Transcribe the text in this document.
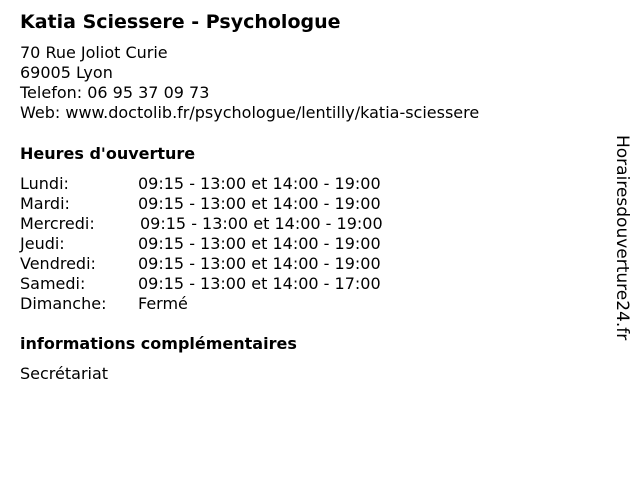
Katia Sciessere - Psychologue
70 Rue Joliot Curie
69005 Lyon
Telefon: 06 95 37 09 73
Web: www.doctolib.fr/psychologue/lentilly/katia-sciessere
Heures d'ouverture
Lundi:	09:15 - 13:00 et 14:00 - 19:00
Mardi:	09:15 - 13:00 et 14:00 - 19:00
Mercredi:	09:15 - 13:00 et 14:00 - 19:00
Jeudi:	09:15 - 13:00 et 14:00 - 19:00
Vendredi:	09:15 - 13:00 et 14:00 - 19:00
Samedi:	09:15 - 13:00 et 14:00 - 17:00
Dimanche: Fermé
informations complémentaires
Secrétariat
Horairesdouverture24.fr
